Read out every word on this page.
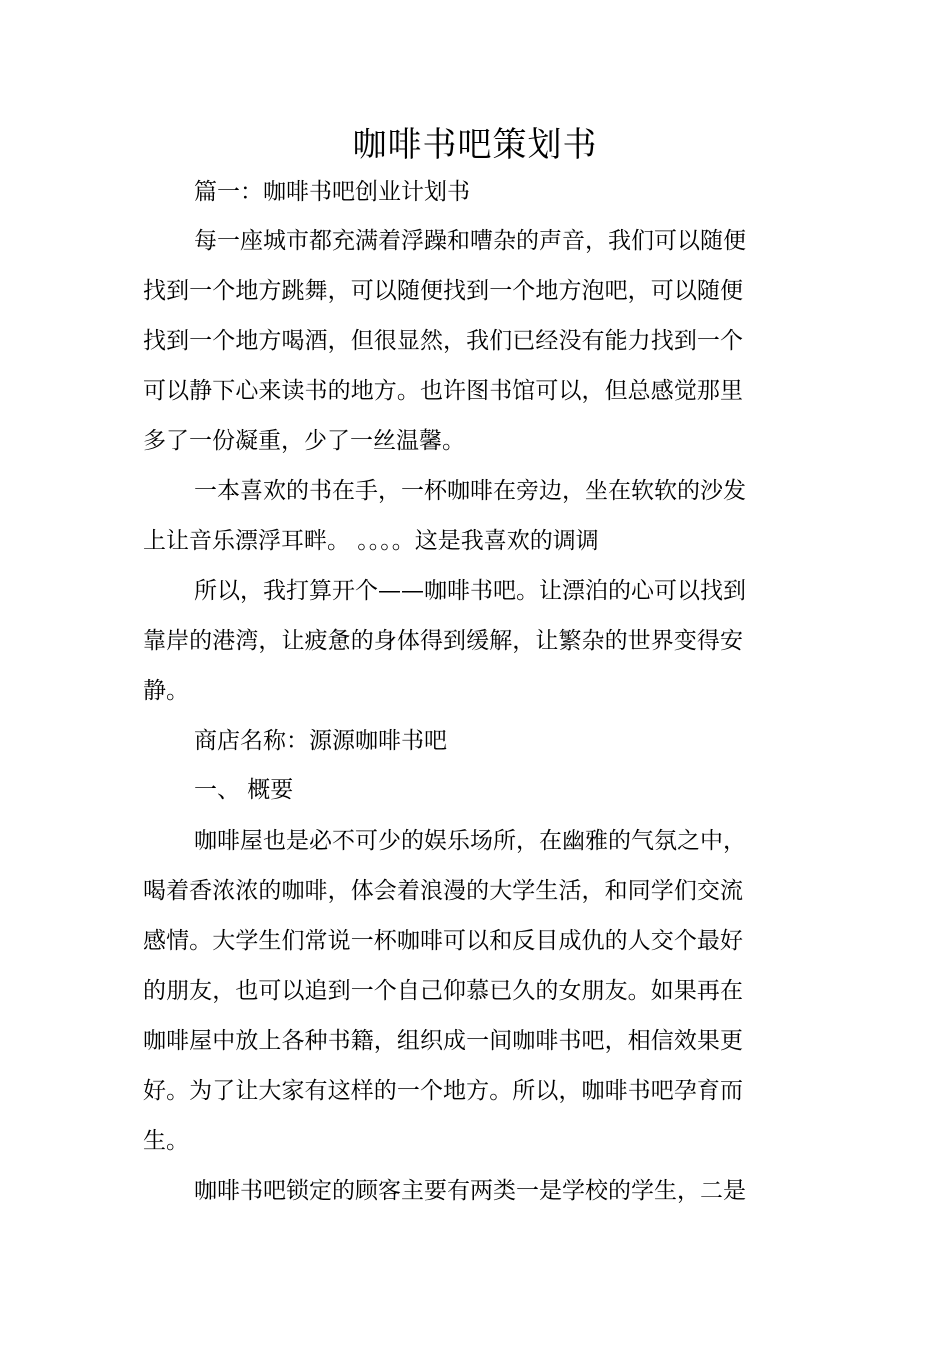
咖啡书吧策划书
篇一：咖啡书吧创业计划书
每一座城市都充满着浮躁和嘈杂的声音，我们可以随便
找到一个地方跳舞，可以随便找到一个地方泡吧，可以随便
找到一个地方喝酒，但很显然，我们已经没有能力找到一个
可以静下心来读书的地方。也许图书馆可以，但总感觉那里
多了一份凝重，少了一丝温馨。
一本喜欢的书在手，一杯咖啡在旁边，坐在软软的沙发
上让音乐漂浮耳畔。 。。。。这是我喜欢的调调
所以，我打算开个——咖啡书吧。让漂泊的心可以找到
靠岸的港湾，让疲惫的身体得到缓解，让繁杂的世界变得安
静。
商店名称：源源咖啡书吧
一、 概要
咖啡屋也是必不可少的娱乐场所，在幽雅的气氛之中，
喝着香浓浓的咖啡，体会着浪漫的大学生活，和同学们交流
感情。大学生们常说一杯咖啡可以和反目成仇的人交个最好
的朋友，也可以追到一个自己仰慕已久的女朋友。如果再在
咖啡屋中放上各种书籍，组织成一间咖啡书吧，相信效果更
好。为了让大家有这样的一个地方。所以，咖啡书吧孕育而
生。
咖啡书吧锁定的顾客主要有两类一是学校的学生，二是
